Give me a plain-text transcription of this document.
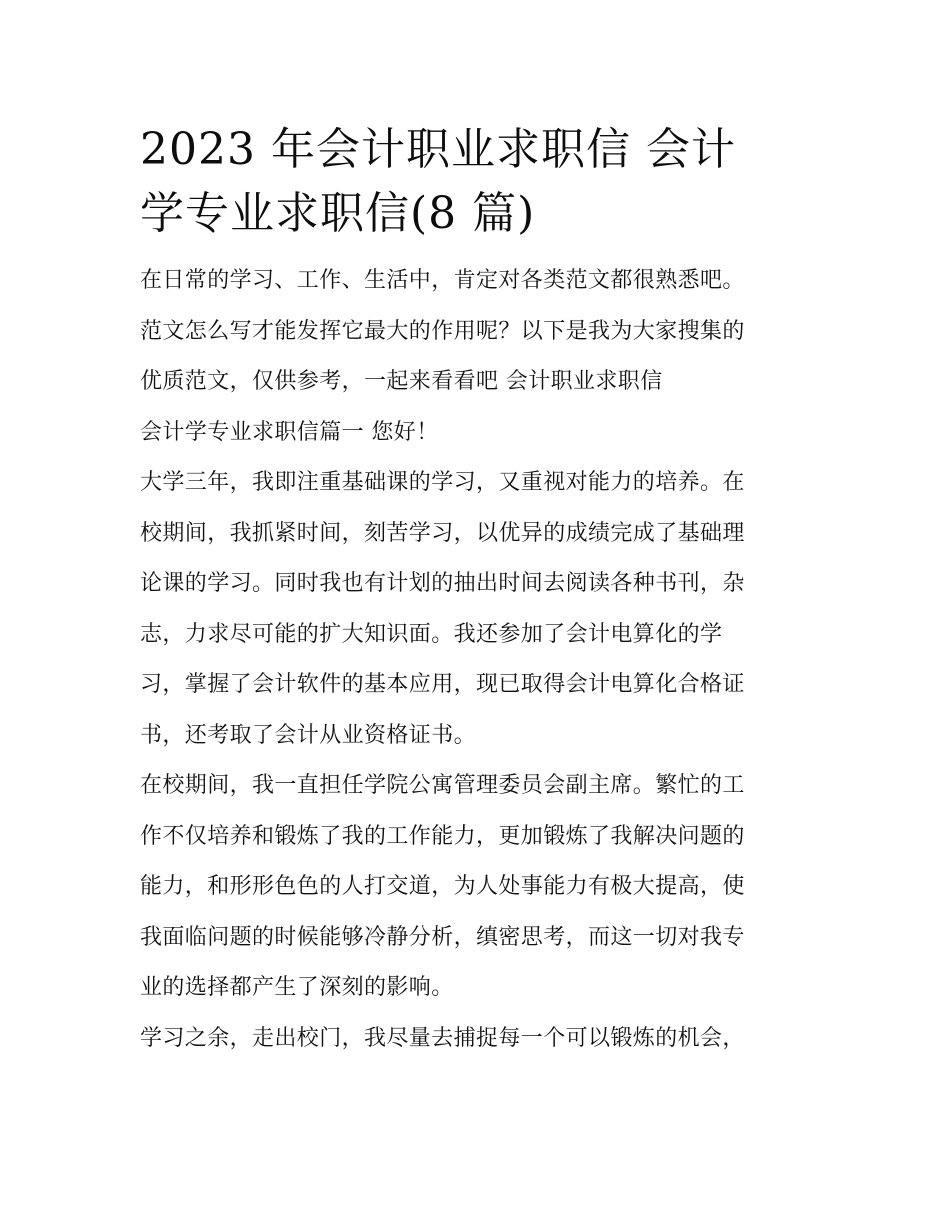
2023 年会计职业求职信 会计
学专业求职信(8 篇)
在日常的学习、工作、生活中，肯定对各类范文都很熟悉吧。
范文怎么写才能发挥它最大的作用呢？以下是我为大家搜集的
优质范文，仅供参考，一起来看看吧 会计职业求职信
会计学专业求职信篇一 您好！
大学三年，我即注重基础课的学习，又重视对能力的培养。在
校期间，我抓紧时间，刻苦学习，以优异的成绩完成了基础理
论课的学习。同时我也有计划的抽出时间去阅读各种书刊，杂
志，力求尽可能的扩大知识面。我还参加了会计电算化的学
习，掌握了会计软件的基本应用，现已取得会计电算化合格证
书，还考取了会计从业资格证书。
在校期间，我一直担任学院公寓管理委员会副主席。繁忙的工
作不仅培养和锻炼了我的工作能力，更加锻炼了我解决问题的
能力，和形形色色的人打交道，为人处事能力有极大提高，使
我面临问题的时候能够冷静分析，缜密思考，而这一切对我专
业的选择都产生了深刻的影响。
学习之余，走出校门，我尽量去捕捉每一个可以锻炼的机会，
